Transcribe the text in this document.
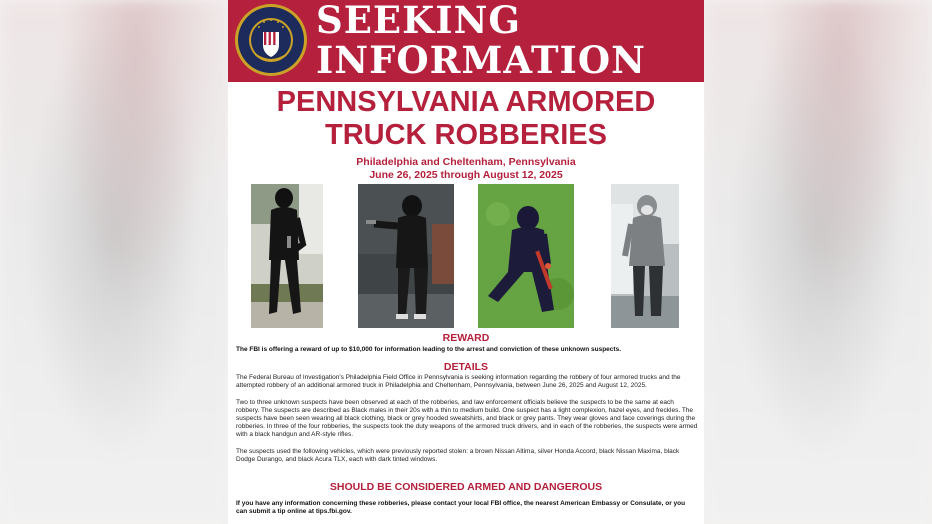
SEEKING
INFORMATION
PENNSYLVANIA ARMORED
TRUCK ROBBERIES
Philadelphia and Cheltenham, Pennsylvania
June 26, 2025 through August 12, 2025
REWARD
The FBI is offering a reward of up to $10,000 for information leading to the arrest and conviction of these unknown suspects.
DETAILS
The Federal Bureau of Investigation's Philadelphia Field Office in Pennsylvania is seeking information regarding the robbery of four armored trucks and the attempted robbery of an additional armored truck in Philadelphia and Cheltenham, Pennsylvania, between June 26, 2025 and August 12, 2025.
Two to three unknown suspects have been observed at each of the robberies, and law enforcement officials believe the suspects to be the same at each robbery. The suspects are described as Black males in their 20s with a thin to medium build. One suspect has a light complexion, hazel eyes, and freckles. The suspects have been seen wearing all black clothing, black or grey hooded sweatshirts, and black or grey pants. They wear gloves and face coverings during the robberies. In three of the four robberies, the suspects took the duty weapons of the armored truck drivers, and in each of the robberies, the suspects were armed with a black handgun and AR-style rifles.
The suspects used the following vehicles, which were previously reported stolen: a brown Nissan Altima, silver Honda Accord, black Nissan Maxima, black Dodge Durango, and black Acura TLX, each with dark tinted windows.
SHOULD BE CONSIDERED ARMED AND DANGEROUS
If you have any information concerning these robberies, please contact your local FBI office, the nearest American Embassy or Consulate, or you can submit a tip online at tips.fbi.gov.
